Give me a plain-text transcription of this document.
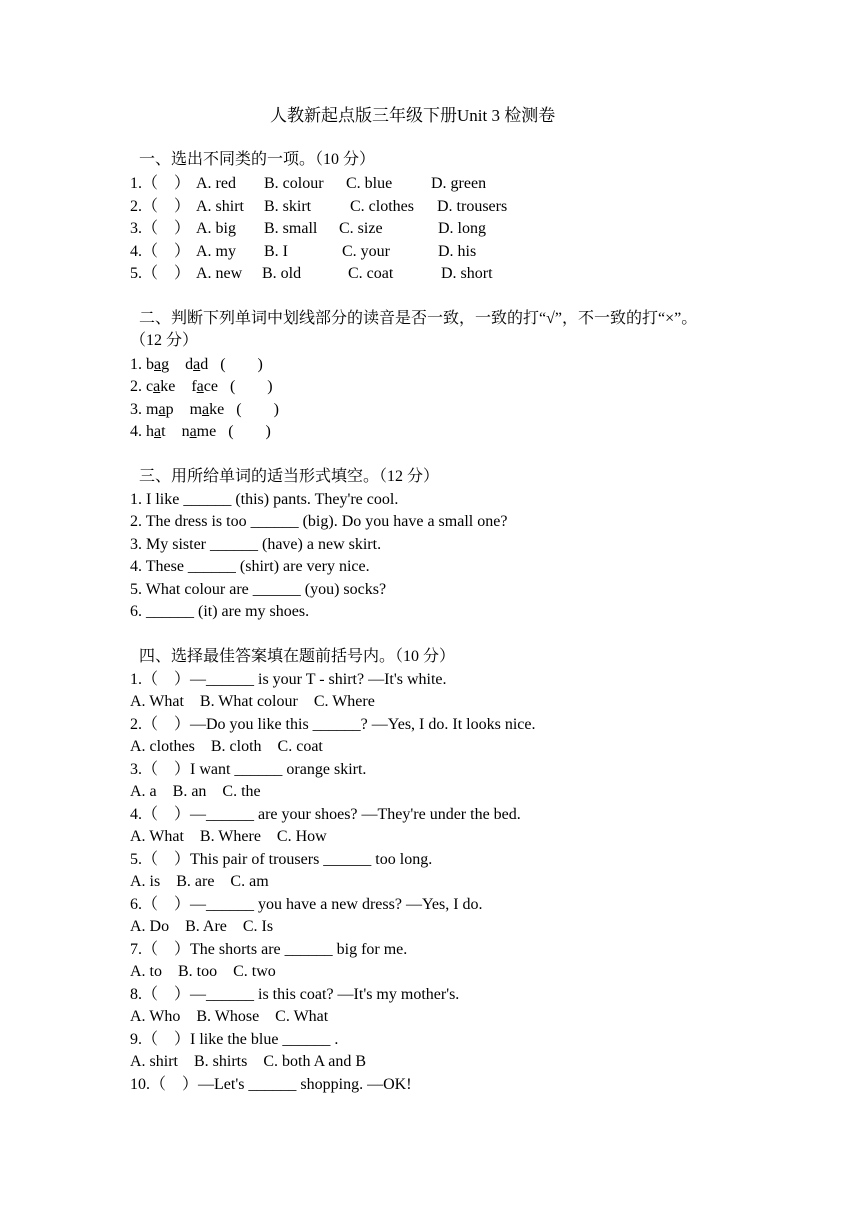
人教新起点版三年级下册Unit 3 检测卷
一、选出不同类的一项。（10 分）
1.（　） A. red B. colour C. blue D. green
2.（　） A. shirt B. skirt C. clothes D. trousers
3.（　） A. big B. small C. size	D. long
4.（　） A. my B. I	C. your	D. his
5.（　） A. new B. old	C. coat	D. short
二、判断下列单词中划线部分的读音是否一致，一致的打“√”，不一致的打“×”。
（12 分）
1. bag dad (　　)
2. cake face (　　)
3. map make (　　)
4. hat name (　　)
三、用所给单词的适当形式填空。（12 分）
1. I like ______ (this) pants. They're cool.
2. The dress is too ______ (big). Do you have a small one?
3. My sister ______ (have) a new skirt.
4. These ______ (shirt) are very nice.
5. What colour are ______ (you) socks?
6. ______ (it) are my shoes.
四、选择最佳答案填在题前括号内。（10 分）
1.（　）—______ is your T - shirt? —It's white.
A. What　B. What colour　C. Where
2.（　）—Do you like this ______? —Yes, I do. It looks nice.
A. clothes　B. cloth　C. coat
3.（　）I want ______ orange skirt.
A. a　B. an　C. the
4.（　）—______ are your shoes? —They're under the bed.
A. What　B. Where　C. How
5.（　）This pair of trousers ______ too long.
A. is　B. are　C. am
6.（　）—______ you have a new dress? —Yes, I do.
A. Do　B. Are　C. Is
7.（　）The shorts are ______ big for me.
A. to　B. too　C. two
8.（　）—______ is this coat? —It's my mother's.
A. Who　B. Whose　C. What
9.（　）I like the blue ______ .
A. shirt　B. shirts　C. both A and B
10.（　）—Let's ______ shopping. —OK!
